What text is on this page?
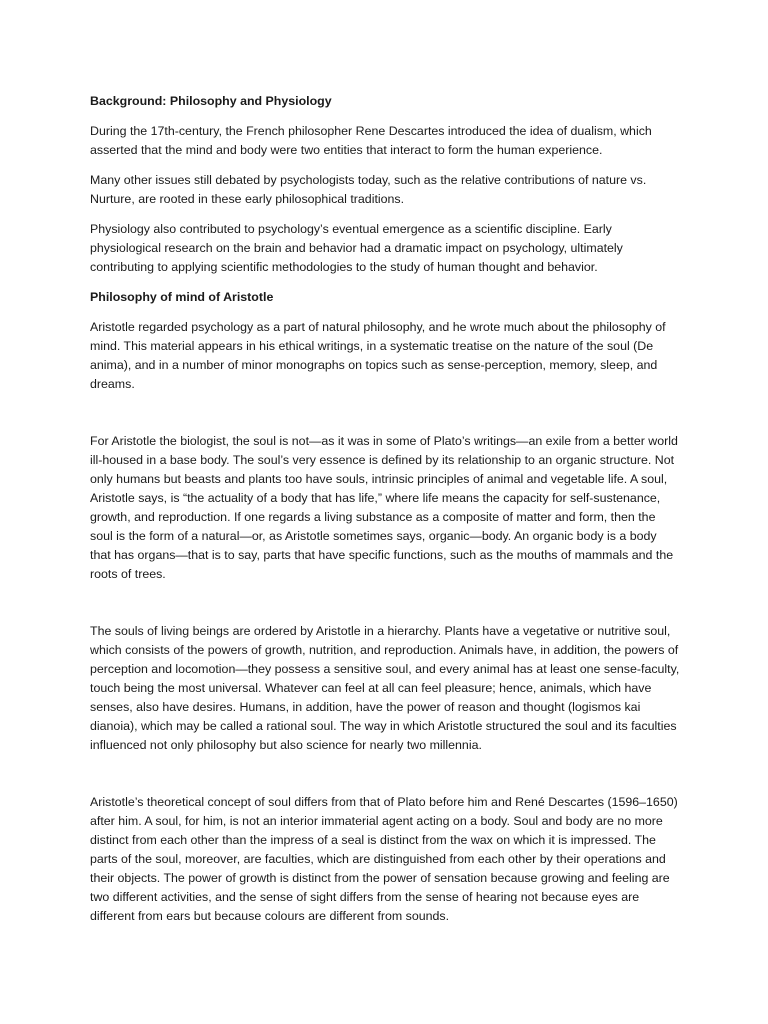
Background: Philosophy and Physiology
During the 17th-century, the French philosopher Rene Descartes introduced the idea of dualism, which asserted that the mind and body were two entities that interact to form the human experience.
Many other issues still debated by psychologists today, such as the relative contributions of nature vs. Nurture, are rooted in these early philosophical traditions.
Physiology also contributed to psychology’s eventual emergence as a scientific discipline. Early physiological research on the brain and behavior had a dramatic impact on psychology, ultimately contributing to applying scientific methodologies to the study of human thought and behavior.
Philosophy of mind of Aristotle
Aristotle regarded psychology as a part of natural philosophy, and he wrote much about the philosophy of mind. This material appears in his ethical writings, in a systematic treatise on the nature of the soul (De anima), and in a number of minor monographs on topics such as sense-perception, memory, sleep, and dreams.
For Aristotle the biologist, the soul is not—as it was in some of Plato’s writings—an exile from a better world ill-housed in a base body. The soul’s very essence is defined by its relationship to an organic structure. Not only humans but beasts and plants too have souls, intrinsic principles of animal and vegetable life. A soul, Aristotle says, is “the actuality of a body that has life,” where life means the capacity for self-sustenance, growth, and reproduction. If one regards a living substance as a composite of matter and form, then the soul is the form of a natural—or, as Aristotle sometimes says, organic—body. An organic body is a body that has organs—that is to say, parts that have specific functions, such as the mouths of mammals and the roots of trees.
The souls of living beings are ordered by Aristotle in a hierarchy. Plants have a vegetative or nutritive soul, which consists of the powers of growth, nutrition, and reproduction. Animals have, in addition, the powers of perception and locomotion—they possess a sensitive soul, and every animal has at least one sense-faculty, touch being the most universal. Whatever can feel at all can feel pleasure; hence, animals, which have senses, also have desires. Humans, in addition, have the power of reason and thought (logismos kai dianoia), which may be called a rational soul. The way in which Aristotle structured the soul and its faculties influenced not only philosophy but also science for nearly two millennia.
Aristotle’s theoretical concept of soul differs from that of Plato before him and René Descartes (1596–1650) after him. A soul, for him, is not an interior immaterial agent acting on a body. Soul and body are no more distinct from each other than the impress of a seal is distinct from the wax on which it is impressed. The parts of the soul, moreover, are faculties, which are distinguished from each other by their operations and their objects. The power of growth is distinct from the power of sensation because growing and feeling are two different activities, and the sense of sight differs from the sense of hearing not because eyes are different from ears but because colours are different from sounds.
